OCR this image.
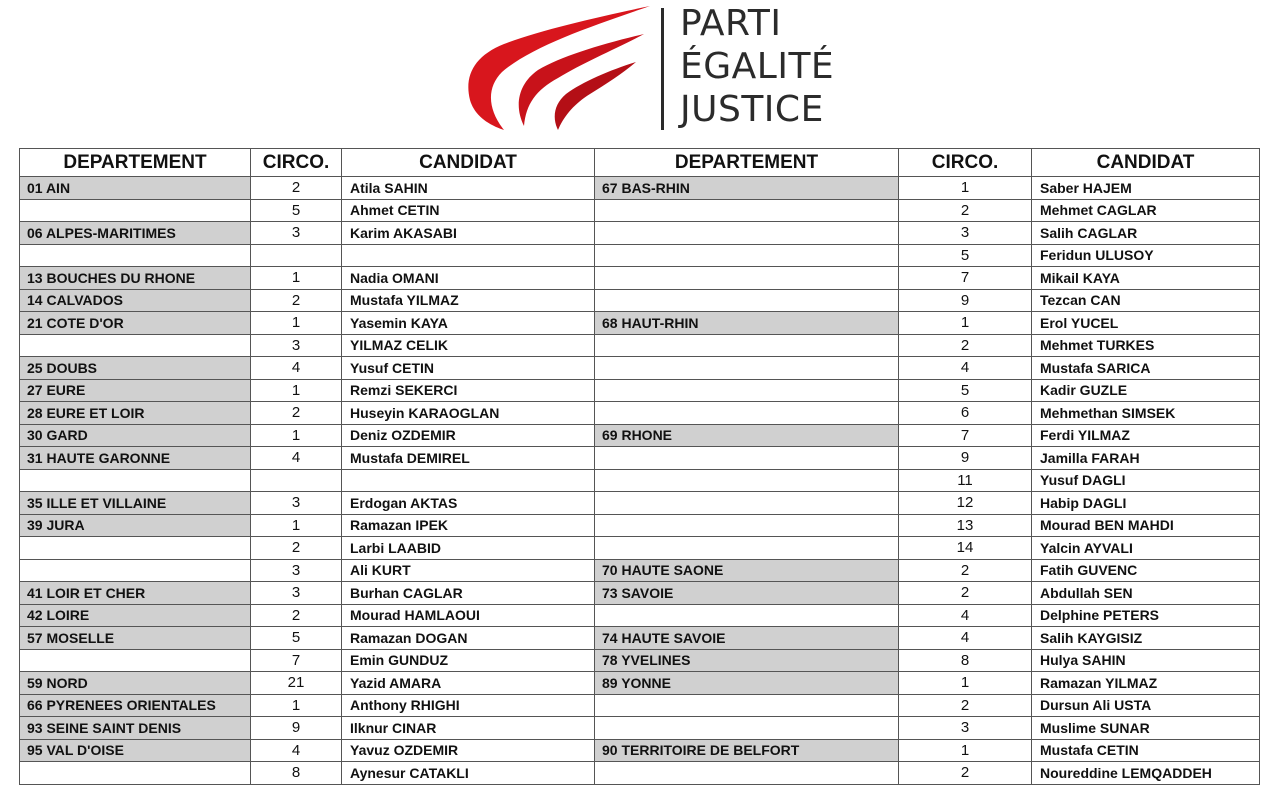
PARTI
ÉGALITÉ
JUSTICE
DEPARTEMENT	CIRCO.	CANDIDAT	DEPARTEMENT	CIRCO.	CANDIDAT
01 AIN	2	Atila SAHIN	67 BAS-RHIN	1	Saber HAJEM
	5	Ahmet CETIN		2	Mehmet CAGLAR
06 ALPES-MARITIMES	3	Karim AKASABI		3	Salih CAGLAR
				5	Feridun ULUSOY
13 BOUCHES DU RHONE	1	Nadia OMANI		7	Mikail KAYA
14 CALVADOS	2	Mustafa YILMAZ		9	Tezcan CAN
21 COTE D'OR	1	Yasemin KAYA	68 HAUT-RHIN	1	Erol YUCEL
	3	YILMAZ CELIK		2	Mehmet TURKES
25 DOUBS	4	Yusuf CETIN		4	Mustafa SARICA
27 EURE	1	Remzi SEKERCI		5	Kadir GUZLE
28 EURE ET LOIR	2	Huseyin KARAOGLAN		6	Mehmethan SIMSEK
30 GARD	1	Deniz OZDEMIR	69 RHONE	7	Ferdi YILMAZ
31 HAUTE GARONNE	4	Mustafa DEMIREL		9	Jamilla FARAH
				11	Yusuf DAGLI
35 ILLE ET VILLAINE	3	Erdogan AKTAS		12	Habip DAGLI
39 JURA	1	Ramazan IPEK		13	Mourad BEN MAHDI
	2	Larbi LAABID		14	Yalcin AYVALI
	3	Ali KURT	70 HAUTE SAONE	2	Fatih GUVENC
41 LOIR ET CHER	3	Burhan CAGLAR	73 SAVOIE	2	Abdullah SEN
42 LOIRE	2	Mourad HAMLAOUI		4	Delphine PETERS
57 MOSELLE	5	Ramazan DOGAN	74 HAUTE SAVOIE	4	Salih KAYGISIZ
	7	Emin GUNDUZ	78 YVELINES	8	Hulya SAHIN
59 NORD	21	Yazid AMARA	89 YONNE	1	Ramazan YILMAZ
66 PYRENEES ORIENTALES	1	Anthony RHIGHI		2	Dursun Ali USTA
93 SEINE SAINT DENIS	9	Ilknur CINAR		3	Muslime SUNAR
95 VAL D'OISE	4	Yavuz OZDEMIR	90 TERRITOIRE DE BELFORT	1	Mustafa CETIN
	8	Aynesur CATAKLI		2	Noureddine LEMQADDEH
